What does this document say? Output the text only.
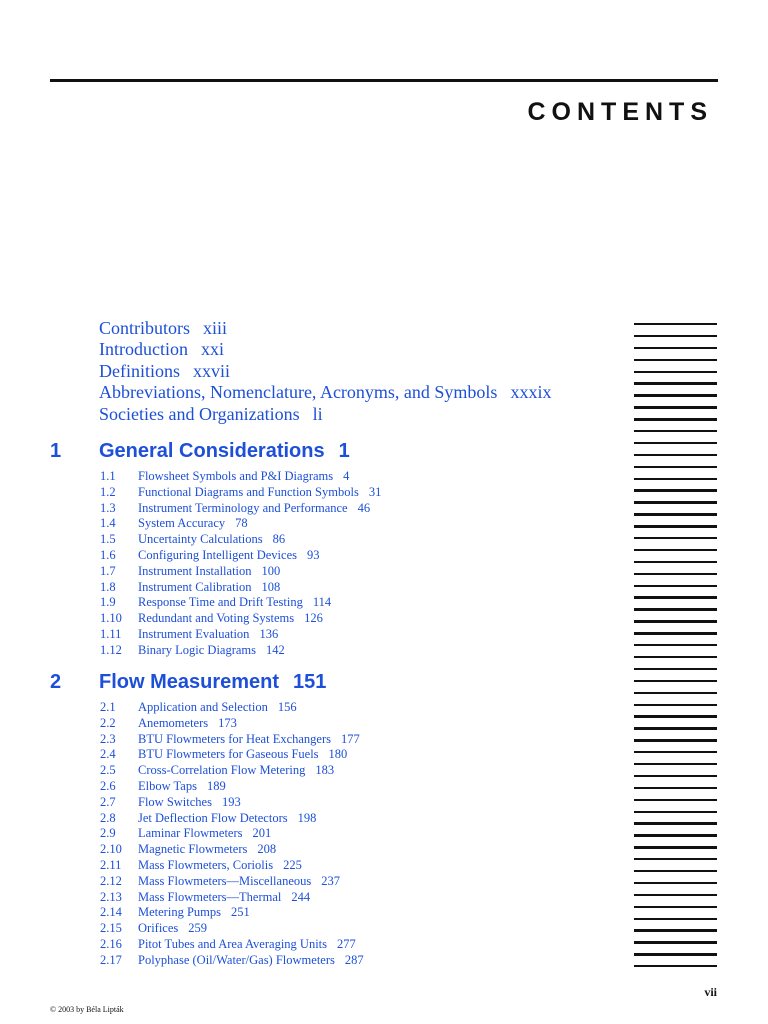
CONTENTS
Contributors xiii
Introduction xxi
Definitions xxvii
Abbreviations, Nomenclature, Acronyms, and Symbols xxxix
Societies and Organizations li
1 General Considerations 1
1.1 Flowsheet Symbols and P&I Diagrams 4
1.2 Functional Diagrams and Function Symbols 31
1.3 Instrument Terminology and Performance 46
1.4 System Accuracy 78
1.5 Uncertainty Calculations 86
1.6 Configuring Intelligent Devices 93
1.7 Instrument Installation 100
1.8 Instrument Calibration 108
1.9 Response Time and Drift Testing 114
1.10 Redundant and Voting Systems 126
1.11 Instrument Evaluation 136
1.12 Binary Logic Diagrams 142
2 Flow Measurement 151
2.1 Application and Selection 156
2.2 Anemometers 173
2.3 BTU Flowmeters for Heat Exchangers 177
2.4 BTU Flowmeters for Gaseous Fuels 180
2.5 Cross-Correlation Flow Metering 183
2.6 Elbow Taps 189
2.7 Flow Switches 193
2.8 Jet Deflection Flow Detectors 198
2.9 Laminar Flowmeters 201
2.10 Magnetic Flowmeters 208
2.11 Mass Flowmeters, Coriolis 225
2.12 Mass Flowmeters—Miscellaneous 237
2.13 Mass Flowmeters—Thermal 244
2.14 Metering Pumps 251
2.15 Orifices 259
2.16 Pitot Tubes and Area Averaging Units 277
2.17 Polyphase (Oil/Water/Gas) Flowmeters 287
vii
© 2003 by Béla Lipták
